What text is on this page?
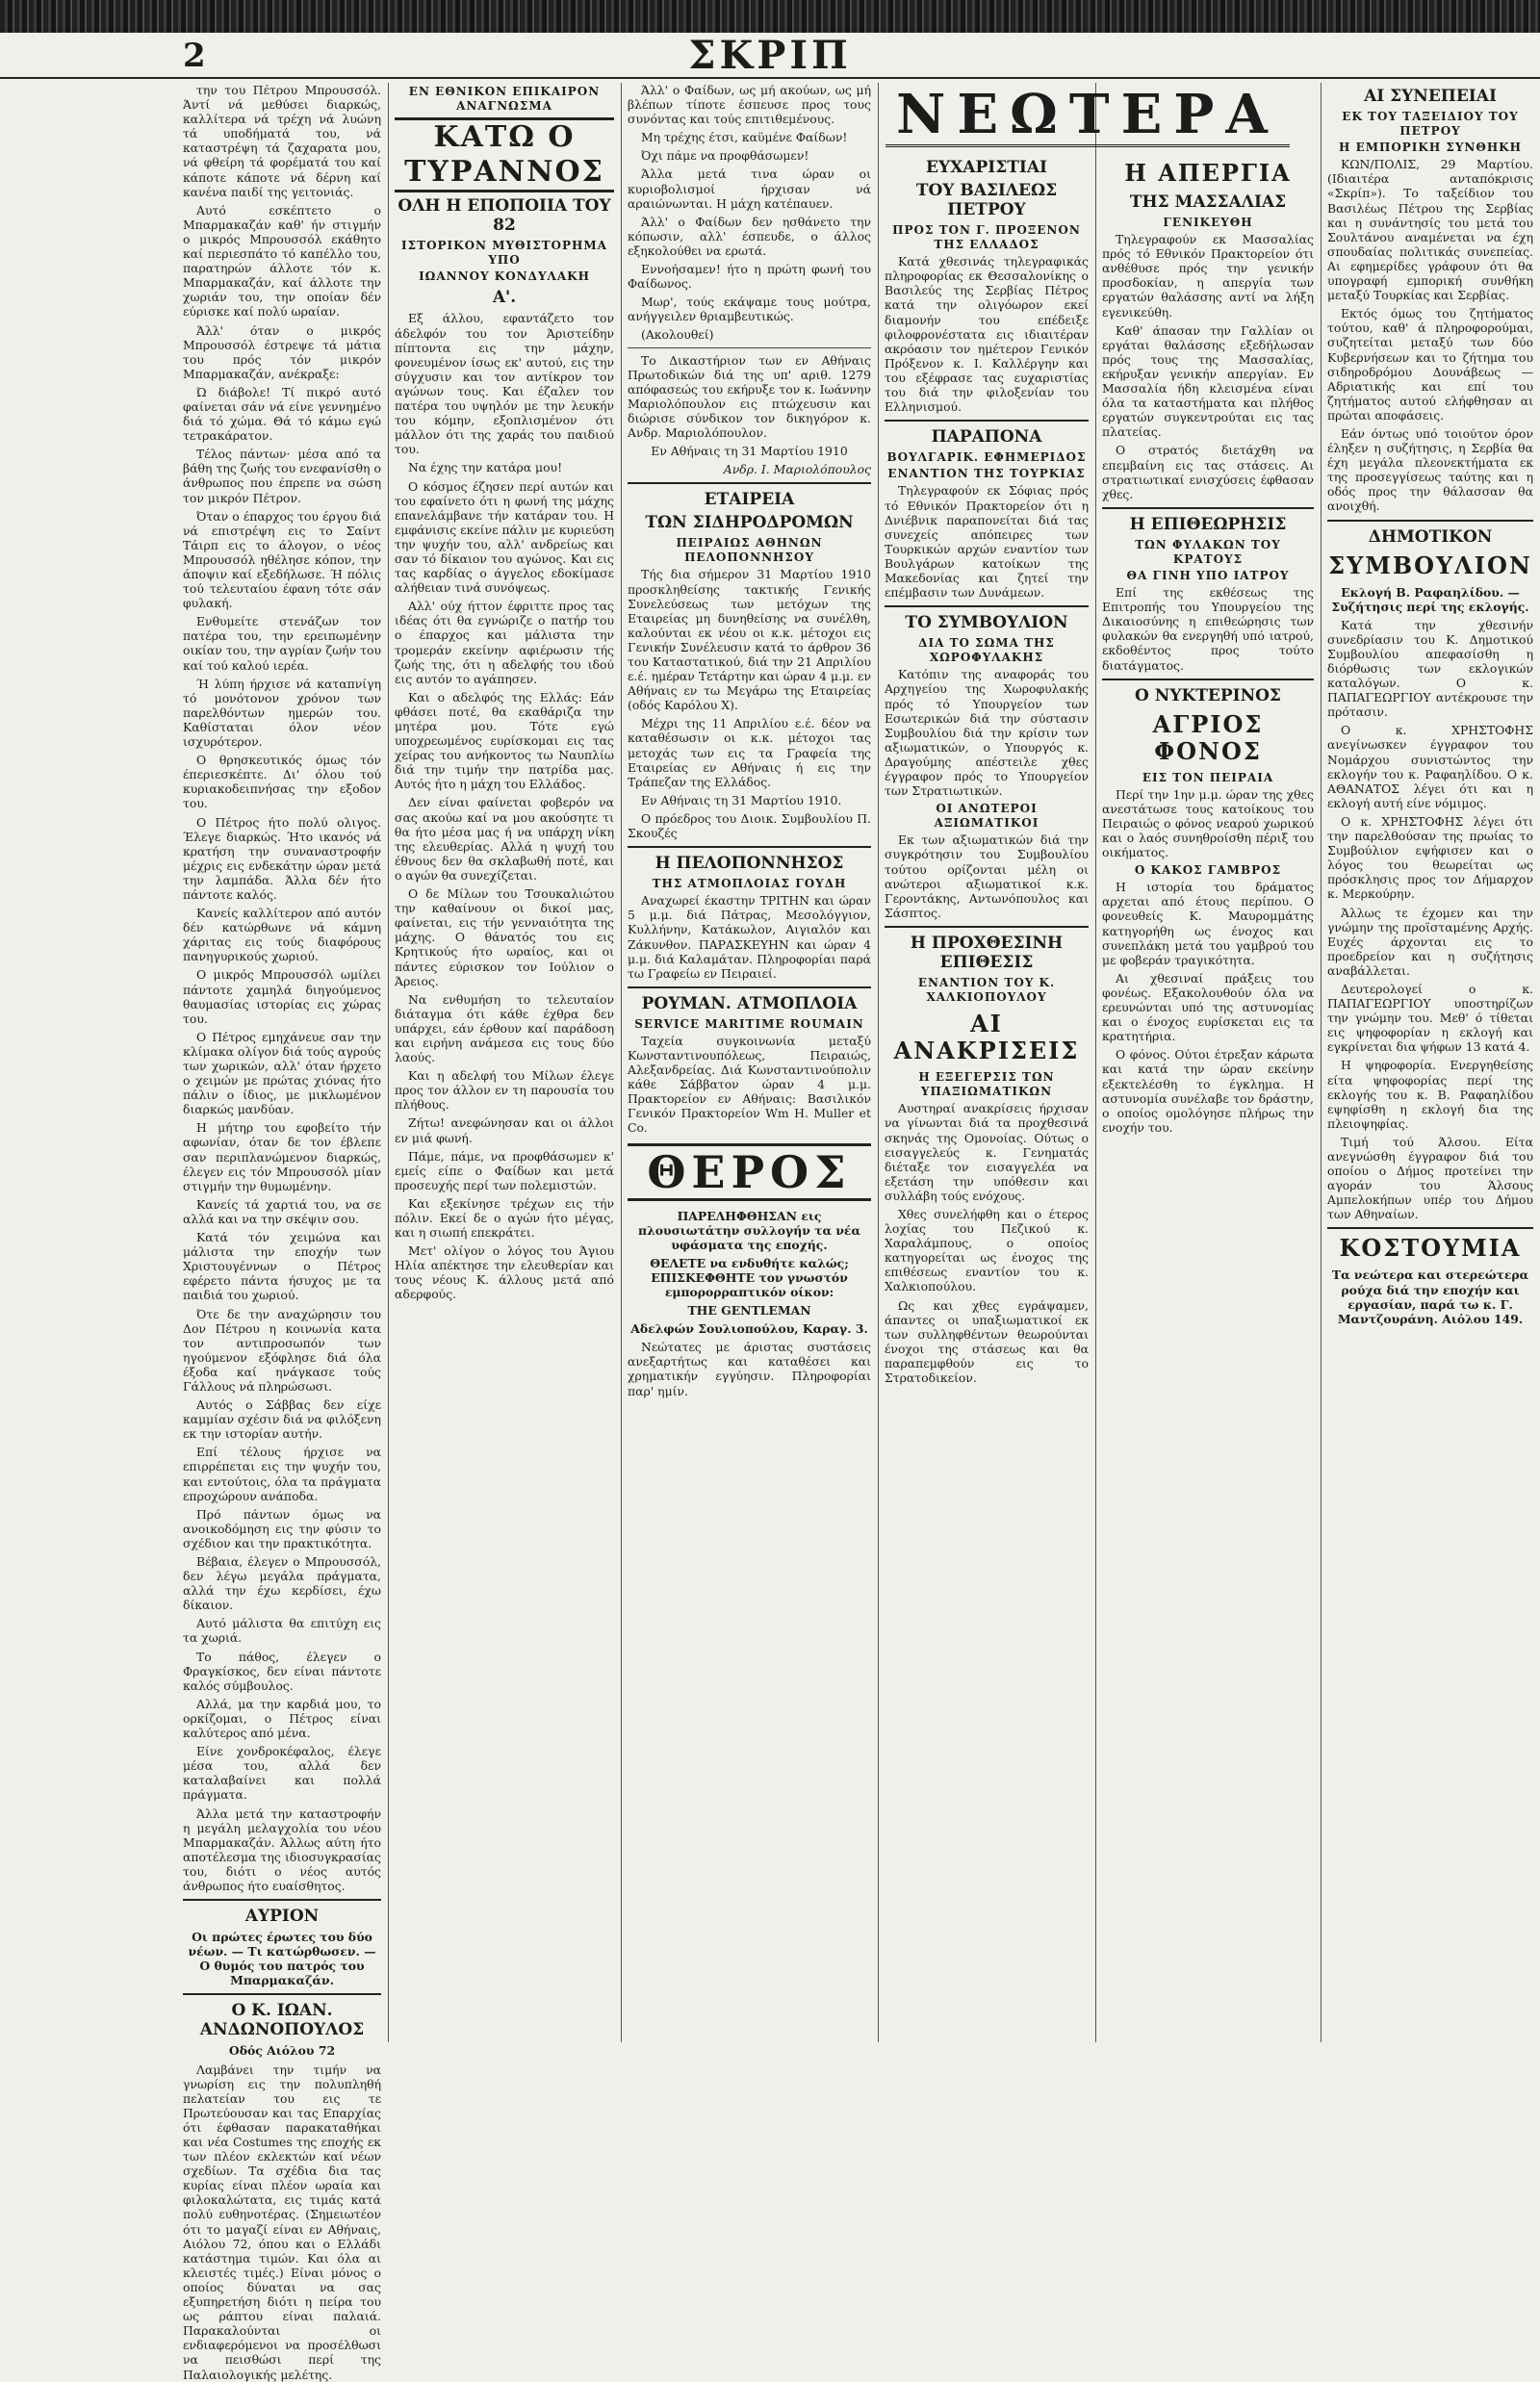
2	ΣΚΡΙΠ

την του Πέτρου Μπρουσσόλ. Άντί νά μεθύσει διαρκώς, καλλίτερα νά τρέχη νά λυώνη τά υποδήματά του, νά καταστρέψη τά ζαχαρατα μου, νά φθείρη τά φορέματά του καί κάποτε κάποτε νά δέρνη καί κανένα παιδί της γειτονιάς.

Αυτό εσκέπτετο ο Μπαρμακαζάν καθ' ήν στιγμήν ο μικρός Μπρουσσόλ εκάθητο καί περιεσπάτο τό καπέλλο του, παρατηρών άλλοτε τόν κ. Μπαρμακαζάν, καί άλλοτε την χωριάν του, την οποίαν δέν εύρισκε καί πολύ ωραίαν.

Άλλ' όταν ο μικρός Μπρουσσόλ έστρεψε τά μάτια του πρός τόν μικρόν Μπαρμακαζάν, ανέκραξε:

Ώ διάβολε! Τί πικρό αυτό φαίνεται σάν νά είνε γεννημένο διά τό χώμα. Θά τό κάμω εγώ τετρακάρατον.

Τέλος πάντων· μέσα από τα βάθη της ζωής του ενεφανίσθη ο άνθρωπος που έπρεπε να σώση τον μικρόν Πέτρον.

Όταν ο έπαρχος του έργου διά νά επιστρέψη εις το Σαίντ Τάιρπ εις το άλογον, ο νέος Μπρουσσόλ ηθέλησε κόπον, την άποψιν καί εξεδήλωσε. Ή πόλις τού τελευταίου έφανη τότε σάν φυλακή.

Ενθυμείτε στενάζων τον πατέρα του, την ερειπωμένην οικίαν του, την αγρίαν ζωήν του καί τού καλού ιερέα.

Ή λύπη ήρχισε νά καταπνίγη τό μονότονον χρόνον των παρελθόντων ημερών του. Καθίσταται όλον νέον ισχυρότερον.

Ο θρησκευτικός όμως τόν έπεριεσκέπτε. Δι' όλου τού κυριακοδειπνήσας την εξοδον του.

Ο Πέτρος ήτο πολύ ολιγος. Έλεγε διαρκώς. Ήτο ικανός νά κρατήση την συναναστροφήν μέχρις εις ενδεκάτην ώραν μετά την λαμπάδα. Άλλα δέν ήτο πάντοτε καλός.

Κανείς καλλίτερον από αυτόν δέν κατώρθωνε νά κάμνη χάριτας εις τούς διαφόρους πανηγυρικούς χωριού.

Ο μικρός Μπρουσσόλ ωμίλει πάντοτε χαμηλά διηγούμενος θαυμασίας ιστορίας εις χώρας του.

Ο Πέτρος εμηχάνευε σαν την κλίμακα ολίγον διά τούς αγρούς των χωρικών, αλλ' όταν ήρχετο ο χειμών με πρώτας χιόνας ήτο πάλιν ο ίδιος, με μικλωμένον διαρκώς μανδύαν.

Η μήτηρ του εφοβείτο τήν αφωνίαν, όταν δε τον έβλεπε σαν περιπλανώμενον διαρκώς, έλεγεν εις τόν Μπρουσσόλ μίαν στιγμήν την θυμωμένην.

Κανείς τά χαρτιά του, να σε αλλά και να την σκέψιν σου.

Κατά τόν χειμώνα και μάλιστα την εποχήν των Χριστουγέννων ο Πέτρος εφέρετο πάντα ήσυχος με τα παιδιά του χωριού.

Ότε δε την αναχώρησιν του Δον Πέτρου η κοινωνία κατα τον αντιπροσωπόν των ηγούμενον εξόφλησε διά όλα έξοδα καί ηνάγκασε τούς Γάλλους νά πληρώσωσι.

Αυτός ο Σάββας δεν είχε καμμίαν σχέσιν διά να φιλόξενη εκ την ιστορίαν αυτήν.

Επί τέλους ήρχισε να επιρρέπεται εις την ψυχήν του, και εντούτοις, όλα τα πράγματα επροχώρουν ανάποδα.

Πρό πάντων όμως να ανοικοδόμηση εις την φύσιν το σχέδιον και την πρακτικότητα.

Βέβαια, έλεγεν ο Μπρουσσόλ, δεν λέγω μεγάλα πράγματα, αλλά την έχω κερδίσει, έχω δίκαιον.

Αυτό μάλιστα θα επιτύχη εις τα χωριά.

Το πάθος, έλεγεν ο Φραγκίσκος, δεν είναι πάντοτε καλός σύμβουλος.

Αλλά, μα την καρδιά μου, το ορκίζομαι, ο Πέτρος είναι καλύτερος από μένα.

Είνε χονδροκέφαλος, έλεγε μέσα του, αλλά δεν καταλαβαίνει και πολλά πράγματα.

Άλλα μετά την καταστροφήν η μεγάλη μελαγχολία του νέου Μπαρμακαζάν. Άλλως αύτη ήτο αποτέλεσμα της ιδιοσυγκρασίας του, διότι ο νέος αυτός άνθρωπος ήτο ευαίσθητος.

ΑΥΡΙΟΝ

Οι πρώτες έρωτες του δύο νέων. — Τι κατώρθωσεν. — Ο θυμός του πατρός του Μπαρμακαζάν.

Ο Κ. ΙΩΑΝ. ΑΝΔΩΝΟΠΟΥΛΟΣ

Οδός Αιόλου 72

Λαμβάνει την τιμήν να γνωρίση εις την πολυπληθή πελατείαν του εις τε Πρωτεύουσαν και τας Επαρχίας ότι έφθασαν παρακαταθήκαι και νέα Costumes της εποχής εκ των πλέον εκλεκτών καί νέων σχεδίων. Τα σχέδια δια τας κυρίας είναι πλέον ωραία και φιλοκαλώτατα, εις τιμάς κατά πολύ ευθηνοτέρας. (Σημειωτέον ότι το μαγαζί είναι εν Αθήναις, Αιόλου 72, όπου και ο Ελλάδι κατάστημα τιμών. Και όλα αι κλειστές τιμές.) Είναι μόνος ο οποίος δύναται να σας εξυπηρετήση διότι η πείρα του ως ράπτου είναι παλαιά. Παρακαλούνται οι ενδιαφερόμενοι να προσέλθωσι να πεισθώσι περί της Παλαιολογικής μελέτης.

ΕΝ ΕΘΝΙΚΟΝ ΕΠΙΚΑΙΡΟΝ ΑΝΑΓΝΩΣΜΑ
ΚΑΤΩ Ο ΤΥΡΑΝΝΟΣ
ΟΛΗ Η ΕΠΟΠΟΙΙΑ ΤΟΥ 82
ΙΣΤΟΡΙΚΟΝ ΜΥΘΙΣΤΟΡΗΜΑ ΥΠΟ
ΙΩΑΝΝΟΥ ΚΟΝΔΥΛΑΚΗ
Α'.

Εξ άλλου, εφαντάζετο τον άδελφόν του τον Άριστείδην πίπτοντα εις την μάχην, φονευμένον ίσως εκ' αυτού, εις την σύγχυσιν και τον αντίκρον τον αγώνων τους. Και έζαλεν τον πατέρα του υψηλόν με την λευκήν του κόμην, εξοπλισμένον ότι μάλλον ότι της χαράς του παιδιού του.

Να έχης την κατάρα μου!

Ο κόσμος έζησεν περί αυτών και του εφαίνετο ότι η φωνή της μάχης επανελάμβανε τήν κατάραν του. Η εμφάνισις εκείνε πάλιν με κυριεύση την ψυχήν του, αλλ' ανδρείως και σαν τό δίκαιον του αγώνος. Και εις τας καρδίας ο άγγελος εδοκίμασε αλήθειαν τινά συνόψεως.

Αλλ' ούχ ήττον έφριττε προς τας ιδέας ότι θα εγνώριζε ο πατήρ του ο έπαρχος και μάλιστα την τρομεράν εκείνην αφιέρωσιν τής ζωής της, ότι η αδελφής του ιδού εις αυτόν το αγάπησεν.

Και ο αδελφός της Ελλάς: Εάν φθάσει ποτέ, θα εκαθάριζα την μητέρα μου. Τότε εγώ υποχρεωμένος ευρίσκομαι εις τας χείρας του ανήκοντος τω Ναυπλίω διά την τιμήν την πατρίδα μας. Αυτός ήτο η μάχη του Ελλάδος.

Δεν είναι φαίνεται φοβερόν να σας ακούω καί να μου ακούσητε τι θα ήτο μέσα μας ή να υπάρχη νίκη της ελευθερίας. Αλλά η ψυχή του έθνους δεν θα σκλαβωθή ποτέ, και ο αγών θα συνεχίζεται.

Ο δε Μίλων του Τσουκαλιώτου την καθαίνουν οι δικοί μας, φαίνεται, εις τήν γενναιότητα της μάχης. Ο θάνατός του εις Κρητικούς ήτο ωραίος, και οι πάντες εύρισκον τον Ιούλιον ο Άρειος.

Να ενθυμήση το τελευταίον διάταγμα ότι κάθε έχθρα δεν υπάρχει, εάν έρθουν καί παράδοση και ειρήνη ανάμεσα εις τους δύο λαούς.

Και η αδελφή του Μίλων έλεγε προς τον άλλον εν τη παρουσία του πλήθους.

Ζήτω! ανεφώνησαν και οι άλλοι εν μιά φωνή.

Πάμε, πάμε, να προφθάσωμεν κ' εμείς είπε ο Φαίδων και μετά προσευχής περί των πολεμιστών.

Και εξεκίνησε τρέχων εις τήν πόλιν. Εκεί δε ο αγών ήτο μέγας, και η σιωπή επεκράτει.

Μετ' ολίγον ο λόγος του Άγιου Ηλία απέκτησε την ελευθερίαν και τους νέους Κ. άλλους μετά από αδερφούς.

Άλλ' ο Φαίδων, ως μή ακούων, ως μή βλέπων τίποτε έσπευσε προς τους συνόντας και τούς επιτιθεμένους.

Μη τρέχης έτσι, καϋμένε Φαίδων!

Όχι πάμε να προφθάσωμεν!

Άλλα μετά τινα ώραν οι κυριοβολισμοί ήρχισαν νά αραιώνωνται. Η μάχη κατέπαυεν.

Άλλ' ο Φαίδων δεν ησθάνετο την κόπωσιν, αλλ' έσπευδε, ο άλλος εξηκολούθει να ερωτά.

Εννοήσαμεν! ήτο η πρώτη φωνή του Φαίδωνος.

Μωρ', τούς εκάψαμε τους μούτρα, ανήγγειλεν θριαμβευτικώς.

(Ακολουθεί)

Το Δικαστήριον των εν Αθήναις Πρωτοδικών διά της υπ' αριθ. 1279 απόφασεώς του εκήρυξε τον κ. Ιωάννην Μαριολόπουλον εις πτώχευσιν και διώρισε σύνδικον τον δικηγόρον κ. Ανδρ. Μαριολόπουλον.

Εν Αθήναις τη 31 Μαρτίου 1910

Ανδρ. Ι. Μαριολόπουλος

ΕΤΑΙΡΕΙΑ
ΤΩΝ ΣΙΔΗΡΟΔΡΟΜΩΝ
ΠΕΙΡΑΙΩΣ ΑΘΗΝΩΝ ΠΕΛΟΠΟΝΝΗΣΟΥ

Τής δια σήμερον 31 Μαρτίου 1910 προσκληθείσης τακτικής Γενικής Συνελεύσεως των μετόχων της Εταιρείας μη δυνηθείσης να συνέλθη, καλούνται εκ νέου οι κ.κ. μέτοχοι εις Γενικήν Συνέλευσιν κατά το άρθρον 36 του Καταστατικού, διά την 21 Απριλίου ε.έ. ημέραν Τετάρτην και ώραν 4 μ.μ. εν Αθήναις εν τω Μεγάρω της Εταιρείας (οδός Καρόλου Χ).

Μέχρι της 11 Απριλίου ε.έ. δέον να καταθέσωσιν οι κ.κ. μέτοχοι τας μετοχάς των εις τα Γραφεία της Εταιρείας εν Αθήναις ή εις την Τράπεζαν της Ελλάδος.

Εν Αθήναις τη 31 Μαρτίου 1910.

Ο πρόεδρος του Διοικ. Συμβουλίου Π. Σκουζές

Η ΠΕΛΟΠΟΝΝΗΣΟΣ
ΤΗΣ ΑΤΜΟΠΛΟΙΑΣ ΓΟΥΔΗ

Αναχωρεί έκαστην ΤΡΙΤΗΝ και ώραν 5 μ.μ. διά Πάτρας, Μεσολόγγιον, Κυλλήνην, Κατάκωλον, Αιγιαλόν και Ζάκυνθον. ΠΑΡΑΣΚΕΥΗΝ και ώραν 4 μ.μ. διά Καλαμάταν. Πληροφορίαι παρά τω Γραφείω εν Πειραιεί.

ΡΟΥΜΑΝ. ΑΤΜΟΠΛΟΙΑ
SERVICE MARITIME ROUMAIN

Ταχεία συγκοινωνία μεταξύ Κωνσταντινουπόλεως, Πειραιώς, Αλεξανδρείας. Διά Κωνσταντινούπολιν κάθε Σάββατον ώραν 4 μ.μ. Πρακτορείον εν Αθήναις: Βασιλικόν Γενικόν Πρακτορείον Wm H. Muller et Co.

ΘΕΡΟΣ

ΠΑΡΕΛΗΦΘΗΣΑΝ εις πλουσιωτάτην συλλογήν τα νέα υφάσματα της εποχής.

ΘΕΛΕΤΕ να ενδυθήτε καλώς; ΕΠΙΣΚΕΦΘΗΤΕ τον γνωστόν εμπορορραπτικόν οίκον:

THE GENTLEMAN

Αδελφών Σουλιοπούλου, Καραγ. 3.

Νεώτατες με άριστας συστάσεις ανεξαρτήτως και καταθέσει και χρηματικήν εγγύησιν. Πληροφορίαι παρ' ημίν.

ΝΕΩΤΕΡΑ
ΕΥΧΑΡΙΣΤΙΑΙ
ΤΟΥ ΒΑΣΙΛΕΩΣ ΠΕΤΡΟΥ
ΠΡΟΣ ΤΟΝ Γ. ΠΡΟΞΕΝΟΝ ΤΗΣ ΕΛΛΑΔΟΣ

Κατά χθεσινάς τηλεγραφικάς πληροφορίας εκ Θεσσαλονίκης ο Βασιλεύς της Σερβίας Πέτρος κατά την ολιγόωρον εκεί διαμονήν του επέδειξε φιλοφρονέστατα εις ιδιαιτέραν ακρόασιν τον ημέτερον Γενικόν Πρόξενον κ. Ι. Καλλέργην και του εξέφρασε τας ευχαριστίας του διά την φιλοξενίαν του Ελληνισμού.

ΠΑΡΑΠΟΝΑ
ΒΟΥΛΓΑΡΙΚ. ΕΦΗΜΕΡΙΔΟΣ
ΕΝΑΝΤΙΟΝ ΤΗΣ ΤΟΥΡΚΙΑΣ

Τηλεγραφούν εκ Σόφιας πρός τό Εθνικόν Πρακτορείον ότι η Δνιέβνικ παραπονείται διά τας συνεχείς απόπειρες των Τουρκικών αρχών εναντίον των Βουλγάρων κατοίκων της Μακεδονίας και ζητεί την επέμβασιν των Δυνάμεων.

ΤΟ ΣΥΜΒΟΥΛΙΟΝ
ΔΙΑ ΤΟ ΣΩΜΑ ΤΗΣ ΧΩΡΟΦΥΛΑΚΗΣ

Κατόπιν της αναφοράς του Αρχηγείου της Χωροφυλακής πρός τό Υπουργείον των Εσωτερικών διά την σύστασιν Συμβουλίου διά την κρίσιν των αξιωματικών, ο Υπουργός κ. Δραγούμης απέστειλε χθες έγγραφον πρός το Υπουργείον των Στρατιωτικών.

ΟΙ ΑΝΩΤΕΡΟΙ ΑΞΙΩΜΑΤΙΚΟΙ

Εκ των αξιωματικών διά την συγκρότησιν του Συμβουλίου τούτου ορίζονται μέλη οι ανώτεροι αξιωματικοί κ.κ. Γεροντάκης, Αντωνόπουλος και Σάσπτος.

Η ΠΡΟΧΘΕΣΙΝΗ ΕΠΙΘΕΣΙΣ
ΕΝΑΝΤΙΟΝ ΤΟΥ Κ. ΧΑΛΚΙΟΠΟΥΛΟΥ
ΑΙ ΑΝΑΚΡΙΣΕΙΣ
Η ΕΞΕΓΕΡΣΙΣ ΤΩΝ ΥΠΑΞΙΩΜΑΤΙΚΩΝ

Αυστηραί ανακρίσεις ήρχισαν να γίνωνται διά τα προχθεσινά σκηνάς της Ομονοίας. Ούτως ο εισαγγελεύς κ. Γενηματάς διέταξε τον εισαγγελέα να εξετάση την υπόθεσιν και συλλάβη τούς ενόχους.

Χθες συνελήφθη και ο έτερος λοχίας του Πεζικού κ. Χαραλάμπους, ο οποίος κατηγορείται ως ένοχος της επιθέσεως εναντίον του κ. Χαλκιοπούλου.

Ως και χθες εγράψαμεν, άπαντες οι υπαξιωματικοί εκ των συλληφθέντων θεωρούνται ένοχοι της στάσεως και θα παραπεμφθούν εις το Στρατοδικείον.

Η ΑΠΕΡΓΙΑ
ΤΗΣ ΜΑΣΣΑΛΙΑΣ
ΓΕΝΙΚΕΥΘΗ

Τηλεγραφούν εκ Μασσαλίας πρός τό Εθνικόν Πρακτορείον ότι ανθέθυσε πρός την γενικήν προσδοκίαν, η απεργία των εργατών θαλάσσης αντί να λήξη εγενικεύθη.

Καθ' άπασαν την Γαλλίαν οι εργάται θαλάσσης εξεδήλωσαν πρός τους της Μασσαλίας, εκήρυξαν γενικήν απεργίαν. Εν Μασσαλία ήδη κλεισμένα είναι όλα τα καταστήματα και πλήθος εργατών συγκεντρούται εις τας πλατείας.

Ο στρατός διετάχθη να επεμβαίνη εις τας στάσεις. Αι στρατιωτικαί ενισχύσεις έφθασαν χθες.

Η ΕΠΙΘΕΩΡΗΣΙΣ
ΤΩΝ ΦΥΛΑΚΩΝ ΤΟΥ ΚΡΑΤΟΥΣ
ΘΑ ΓΙΝΗ ΥΠΟ ΙΑΤΡΟΥ

Επί της εκθέσεως της Επιτροπής του Υπουργείου της Δικαιοσύνης η επιθεώρησις των φυλακών θα ενεργηθή υπό ιατρού, εκδοθέντος προς τούτο διατάγματος.

Ο ΝΥΚΤΕΡΙΝΟΣ
ΑΓΡΙΟΣ ΦΟΝΟΣ
ΕΙΣ ΤΟΝ ΠΕΙΡΑΙΑ

Περί την 1ην μ.μ. ώραν της χθες ανεστάτωσε τους κατοίκους του Πειραιώς ο φόνος νεαρού χωρικού και ο λαός συνηθροίσθη πέριξ του οικήματος.

Ο ΚΑΚΟΣ ΓΑΜΒΡΟΣ

Η ιστορία του δράματος αρχεται από έτους περίπου. Ο φονευθείς Κ. Μαυρομμάτης κατηγορήθη ως ένοχος και συνεπλάκη μετά του γαμβρού του με φοβεράν τραγικότητα.

Αι χθεσιναί πράξεις του φονέως. Εξακολουθούν όλα να ερευνώνται υπό της αστυνομίας και ο ένοχος ευρίσκεται εις τα κρατητήρια.

Ο φόνος. Ούτοι έτρεξαν κάρωτα και κατά την ώραν εκείνην εξεκτελέσθη το έγκλημα. Η αστυνομία συνέλαβε τον δράστην, ο οποίος ομολόγησε πλήρως την ενοχήν του.

ΑΙ ΣΥΝΕΠΕΙΑΙ
ΕΚ ΤΟΥ ΤΑΞΕΙΔΙΟΥ ΤΟΥ ΠΕΤΡΟΥ
Η ΕΜΠΟΡΙΚΗ ΣΥΝΘΗΚΗ

ΚΩΝ/ΠΟΛΙΣ, 29 Μαρτίου. (Ιδιαιτέρα ανταπόκρισις «Σκρίπ»). Το ταξείδιον του Βασιλέως Πέτρου της Σερβίας και η συνάντησίς του μετά του Σουλτάνου αναμένεται να έχη σπουδαίας πολιτικάς συνεπείας. Αι εφημερίδες γράφουν ότι θα υπογραφή εμπορική συνθήκη μεταξύ Τουρκίας και Σερβίας.

Εκτός όμως του ζητήματος τούτου, καθ' ά πληροφορούμαι, συζητείται μεταξύ των δύο Κυβερνήσεων και το ζήτημα του σιδηροδρόμου Δουνάβεως — Αδριατικής και επί του ζητήματος αυτού ελήφθησαν αι πρώται αποφάσεις.

Εάν όντως υπό τοιούτον όρον έληξεν η συζήτησις, η Σερβία θα έχη μεγάλα πλεονεκτήματα εκ της προσεγγίσεως ταύτης και η οδός προς την θάλασσαν θα ανοιχθή.

ΔΗΜΟΤΙΚΟΝ
ΣΥΜΒΟΥΛΙΟΝ

Εκλογή Β. Ραφαηλίδου. — Συζήτησις περί της εκλογής.

Κατά την χθεσινήν συνεδρίασιν του Κ. Δημοτικού Συμβουλίου απεφασίσθη η διόρθωσις των εκλογικών καταλόγων. Ο κ. ΠΑΠΑΓΕΩΡΓΙΟΥ αντέκρουσε την πρότασιν.

Ο κ. ΧΡΗΣΤΟΦΗΣ ανεγίνωσκεν έγγραφον του Νομάρχου συνιστώντος την εκλογήν του κ. Ραφαηλίδου. Ο κ. ΑΘΑΝΑΤΟΣ λέγει ότι και η εκλογή αυτή είνε νόμιμος.

Ο κ. ΧΡΗΣΤΟΦΗΣ λέγει ότι την παρελθούσαν της πρωίας το Συμβούλιον εψήφισεν και ο λόγος του θεωρείται ως πρόσκλησις προς τον Δήμαρχον κ. Μερκούρην.

Άλλως τε έχομεν και την γνώμην της προϊσταμένης Αρχής. Ευχές άρχονται εις το προεδρείον και η συζήτησις αναβάλλεται.

Δευτερολογεί ο κ. ΠΑΠΑΓΕΩΡΓΙΟΥ υποστηρίζων την γνώμην του. Μεθ' ό τίθεται εις ψηφοφορίαν η εκλογή και εγκρίνεται δια ψήφων 13 κατά 4.

Η ψηφοφορία. Ενεργηθείσης είτα ψηφοφορίας περί της εκλογής του κ. Β. Ραφαηλίδου εψηφίσθη η εκλογή δια της πλειοψηφίας.

Τιμή τού Άλσου. Είτα ανεγνώσθη έγγραφον διά του οποίου ο Δήμος προτείνει την αγοράν του Άλσους Αμπελοκήπων υπέρ του Δήμου των Αθηναίων.

ΚΟΣΤΟΥΜΙΑ

Τα νεώτερα και στερεώτερα ρούχα διά την εποχήν και εργασίαν, παρά τω κ. Γ. Μαντζουράνη. Αιόλου 149.
